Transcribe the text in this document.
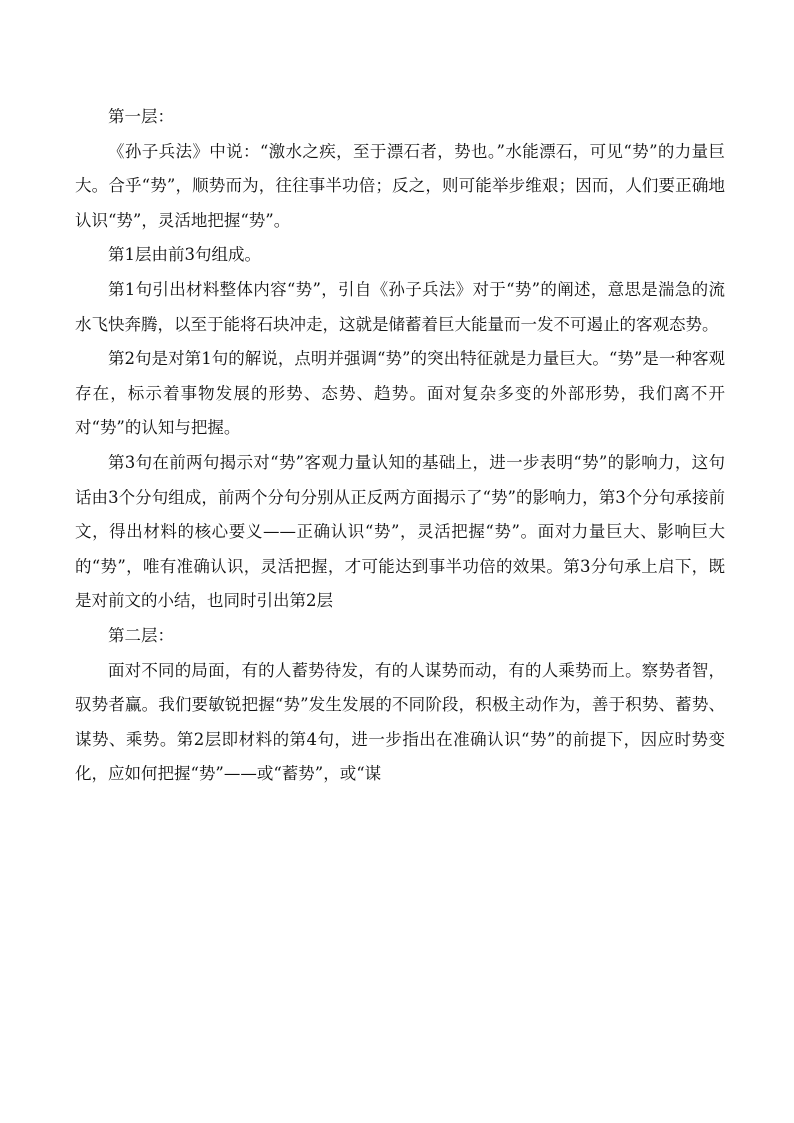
第一层：

《孙子兵法》中说：“激水之疾，至于漂石者，势也。”水能漂石，可见“势”的力量巨大。合乎“势”，顺势而为，往往事半功倍；反之，则可能举步维艰；因而，人们要正确地认识“势”，灵活地把握“势”。

第1层由前3句组成。

第1句引出材料整体内容“势”，引自《孙子兵法》对于“势”的阐述，意思是湍急的流水飞快奔腾，以至于能将石块冲走，这就是储蓄着巨大能量而一发不可遏止的客观态势。

第2句是对第1句的解说，点明并强调“势”的突出特征就是力量巨大。“势”是一种客观存在，标示着事物发展的形势、态势、趋势。面对复杂多变的外部形势，我们离不开对“势”的认知与把握。

第3句在前两句揭示对“势”客观力量认知的基础上，进一步表明“势”的影响力，这句话由3个分句组成，前两个分句分别从正反两方面揭示了“势”的影响力，第3个分句承接前文，得出材料的核心要义——正确认识“势”，灵活把握“势”。面对力量巨大、影响巨大的“势”，唯有准确认识，灵活把握，才可能达到事半功倍的效果。第3分句承上启下，既是对前文的小结，也同时引出第2层

第二层：

面对不同的局面，有的人蓄势待发，有的人谋势而动，有的人乘势而上。察势者智，驭势者赢。我们要敏锐把握“势”发生发展的不同阶段，积极主动作为，善于积势、蓄势、谋势、乘势。第2层即材料的第4句，进一步指出在准确认识“势”的前提下，因应时势变化，应如何把握“势”——或“蓄势”，或“谋
